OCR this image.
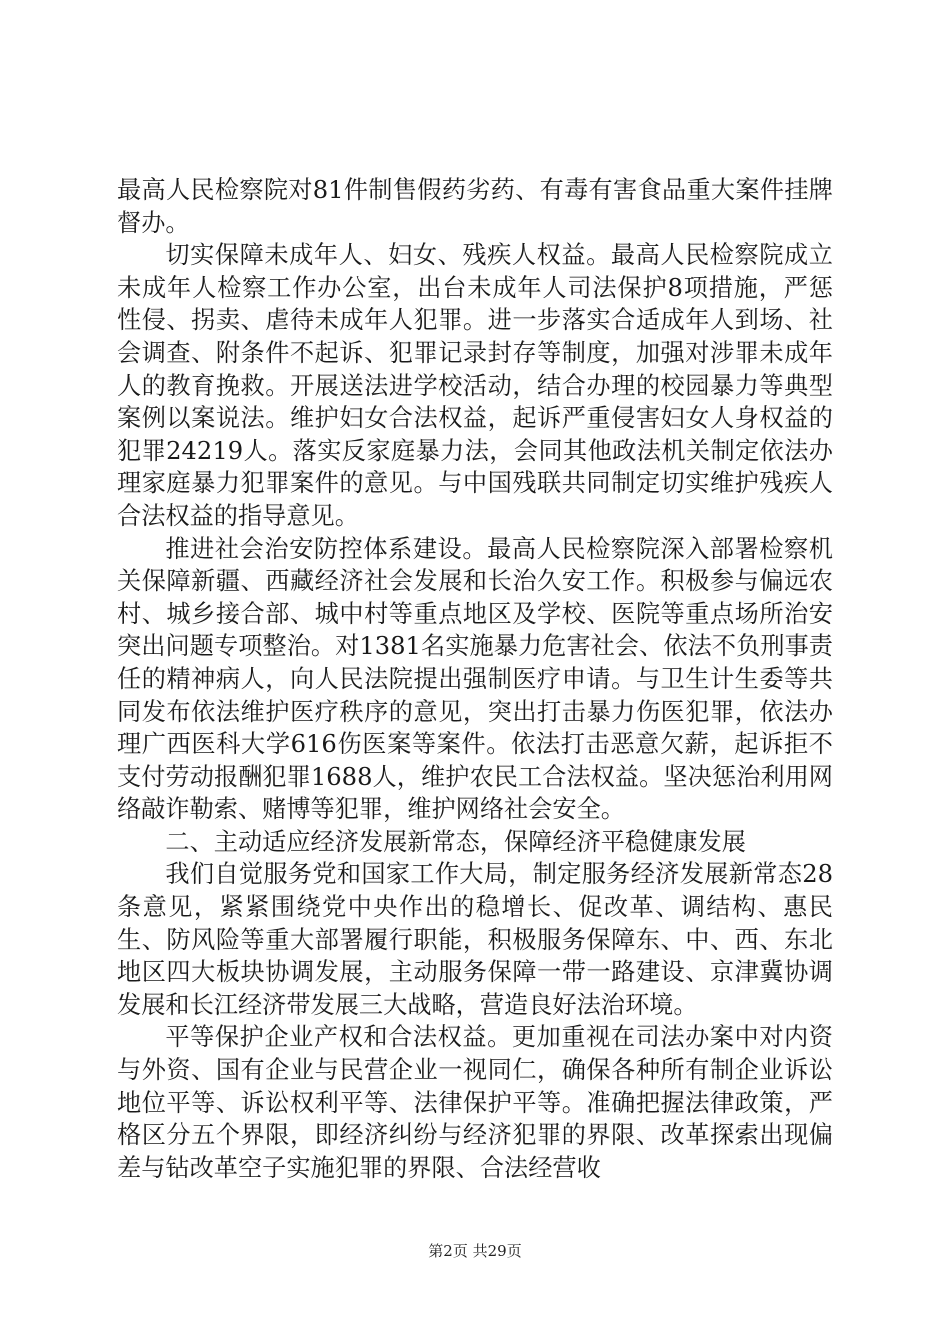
最高人民检察院对81件制售假药劣药、有毒有害食品重大案件挂牌督办。

切实保障未成年人、妇女、残疾人权益。最高人民检察院成立未成年人检察工作办公室，出台未成年人司法保护8项措施，严惩性侵、拐卖、虐待未成年人犯罪。进一步落实合适成年人到场、社会调查、附条件不起诉、犯罪记录封存等制度，加强对涉罪未成年人的教育挽救。开展送法进学校活动，结合办理的校园暴力等典型案例以案说法。维护妇女合法权益，起诉严重侵害妇女人身权益的犯罪24219人。落实反家庭暴力法，会同其他政法机关制定依法办理家庭暴力犯罪案件的意见。与中国残联共同制定切实维护残疾人合法权益的指导意见。

推进社会治安防控体系建设。最高人民检察院深入部署检察机关保障新疆、西藏经济社会发展和长治久安工作。积极参与偏远农村、城乡接合部、城中村等重点地区及学校、医院等重点场所治安突出问题专项整治。对1381名实施暴力危害社会、依法不负刑事责任的精神病人，向人民法院提出强制医疗申请。与卫生计生委等共同发布依法维护医疗秩序的意见，突出打击暴力伤医犯罪，依法办理广西医科大学616伤医案等案件。依法打击恶意欠薪，起诉拒不支付劳动报酬犯罪1688人，维护农民工合法权益。坚决惩治利用网络敲诈勒索、赌博等犯罪，维护网络社会安全。

二、主动适应经济发展新常态，保障经济平稳健康发展

我们自觉服务党和国家工作大局，制定服务经济发展新常态28条意见，紧紧围绕党中央作出的稳增长、促改革、调结构、惠民生、防风险等重大部署履行职能，积极服务保障东、中、西、东北地区四大板块协调发展，主动服务保障一带一路建设、京津冀协调发展和长江经济带发展三大战略，营造良好法治环境。

平等保护企业产权和合法权益。更加重视在司法办案中对内资与外资、国有企业与民营企业一视同仁，确保各种所有制企业诉讼地位平等、诉讼权利平等、法律保护平等。准确把握法律政策，严格区分五个界限，即经济纠纷与经济犯罪的界限、改革探索出现偏差与钻改革空子实施犯罪的界限、合法经营收

第2页 共29页
